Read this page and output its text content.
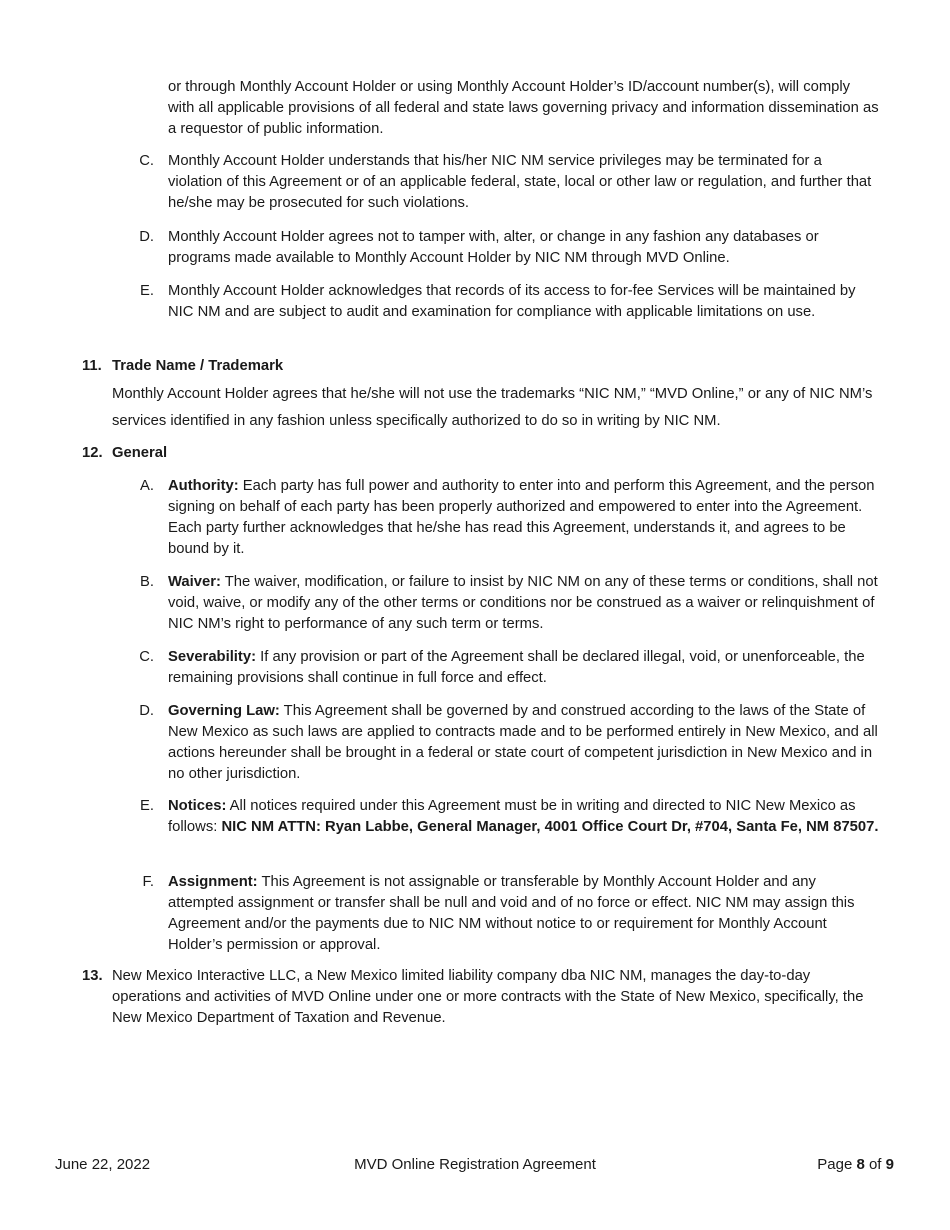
or through Monthly Account Holder or using Monthly Account Holder’s ID/account number(s), will comply with all applicable provisions of all federal and state laws governing privacy and information dissemination as a requestor of public information.

C. Monthly Account Holder understands that his/her NIC NM service privileges may be terminated for a violation of this Agreement or of an applicable federal, state, local or other law or regulation, and further that he/she may be prosecuted for such violations.
D. Monthly Account Holder agrees not to tamper with, alter, or change in any fashion any databases or programs made available to Monthly Account Holder by NIC NM through MVD Online.
E. Monthly Account Holder acknowledges that records of its access to for-fee Services will be maintained by NIC NM and are subject to audit and examination for compliance with applicable limitations on use.
11. Trade Name / Trademark

Monthly Account Holder agrees that he/she will not use the trademarks “NIC NM,” “MVD Online,” or any of NIC NM’s services identified in any fashion unless specifically authorized to do so in writing by NIC NM.

12. General
A. Authority: Each party has full power and authority to enter into and perform this Agreement, and the person signing on behalf of each party has been properly authorized and empowered to enter into the Agreement. Each party further acknowledges that he/she has read this Agreement, understands it, and agrees to be bound by it.
B. Waiver: The waiver, modification, or failure to insist by NIC NM on any of these terms or conditions, shall not void, waive, or modify any of the other terms or conditions nor be construed as a waiver or relinquishment of NIC NM’s right to performance of any such term or terms.
C. Severability: If any provision or part of the Agreement shall be declared illegal, void, or unenforceable, the remaining provisions shall continue in full force and effect.
D. Governing Law: This Agreement shall be governed by and construed according to the laws of the State of New Mexico as such laws are applied to contracts made and to be performed entirely in New Mexico, and all actions hereunder shall be brought in a federal or state court of competent jurisdiction in New Mexico and in no other jurisdiction.
E. Notices: All notices required under this Agreement must be in writing and directed to NIC New Mexico as follows: NIC NM ATTN: Ryan Labbe, General Manager, 4001 Office Court Dr, #704, Santa Fe, NM 87507.
F. Assignment: This Agreement is not assignable or transferable by Monthly Account Holder and any attempted assignment or transfer shall be null and void and of no force or effect. NIC NM may assign this Agreement and/or the payments due to NIC NM without notice to or requirement for Monthly Account Holder’s permission or approval.
13. New Mexico Interactive LLC, a New Mexico limited liability company dba NIC NM, manages the day-to-day operations and activities of MVD Online under one or more contracts with the State of New Mexico, specifically, the New Mexico Department of Taxation and Revenue.

June 22, 2022	MVD Online Registration Agreement	Page 8 of 9
